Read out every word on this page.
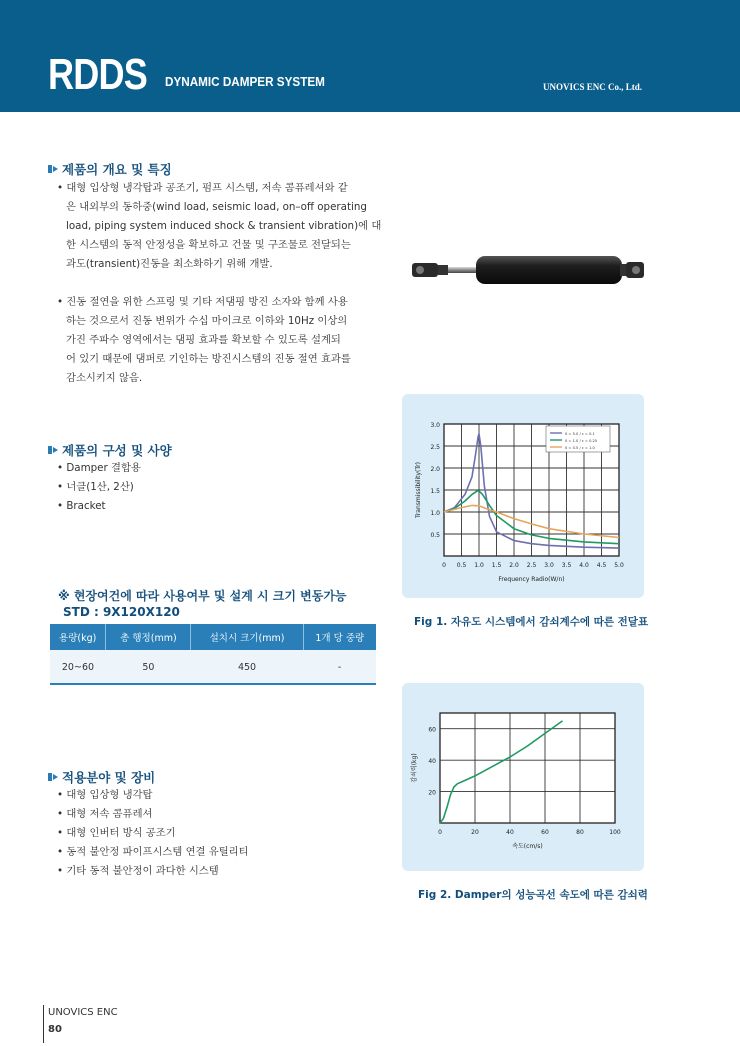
RDDS DYNAMIC DAMPER SYSTEM	UNOVICS ENC Co., Ltd.
제품의 개요 및 특징
• 대형 입상형 냉각탑과 공조기, 펌프 시스템, 저속 콤퓨레셔와 같
은 내외부의 동하중(wind load, seismic load, on–off operating
load, piping system induced shock & transient vibration)에 대
한 시스템의 동적 안정성을 확보하고 건물 및 구조물로 전달되는
과도(transient)진동을 최소화하기 위해 개발.
• 진동 절연을 위한 스프링 및 기타 저댐핑 방진 소자와 함께 사용
하는 것으로서 진동 변위가 수십 마이크로 이하와 10Hz 이상의
가진 주파수 영역에서는 댐핑 효과를 확보할 수 있도록 설계되
어 있기 때문에 댐퍼로 기인하는 방진시스템의 진동 절연 효과를
감소시키지 않음.
제품의 구성 및 사양
• Damper 결합용
• 너클(1산, 2산)
• Bracket
※ 현장여건에 따라 사용여부 및 설계 시 크기 변동가능
STD : 9X120X120
용량(kg)	총 행정(mm)	설치시 크기(mm)	1개 당 중량
20~60	50	450	-
적용분야 및 장비
• 대형 입상형 냉각탑
• 대형 저속 콤퓨레셔
• 대형 인버터 방식 공조기
• 동적 불안정 파이프시스템 연결 유틸리티
• 기타 동적 불안정이 과다한 시스템
0 0.5 1.0 1.5 2.0 2.5 3.0 3.5 4.0 4.5 5.0
0.5
1.0
1.5
2.0
2.5
3.0
Frequency Radio(W/n)
Transmissibility(Tr)
0 = 5.0 / c = 0.1
0 = 1.0 / c = 0.25
0 = 0.5 / c = 1.0
Fig 1. 자유도 시스템에서 감쇠계수에 따른 전달표
0	20	40	60	80	100
20
40
60
속도(cm/s)
감쇠력(kg)
Fig 2. Damper의 성능곡선 속도에 따른 감쇠력
UNOVICS ENC
80
